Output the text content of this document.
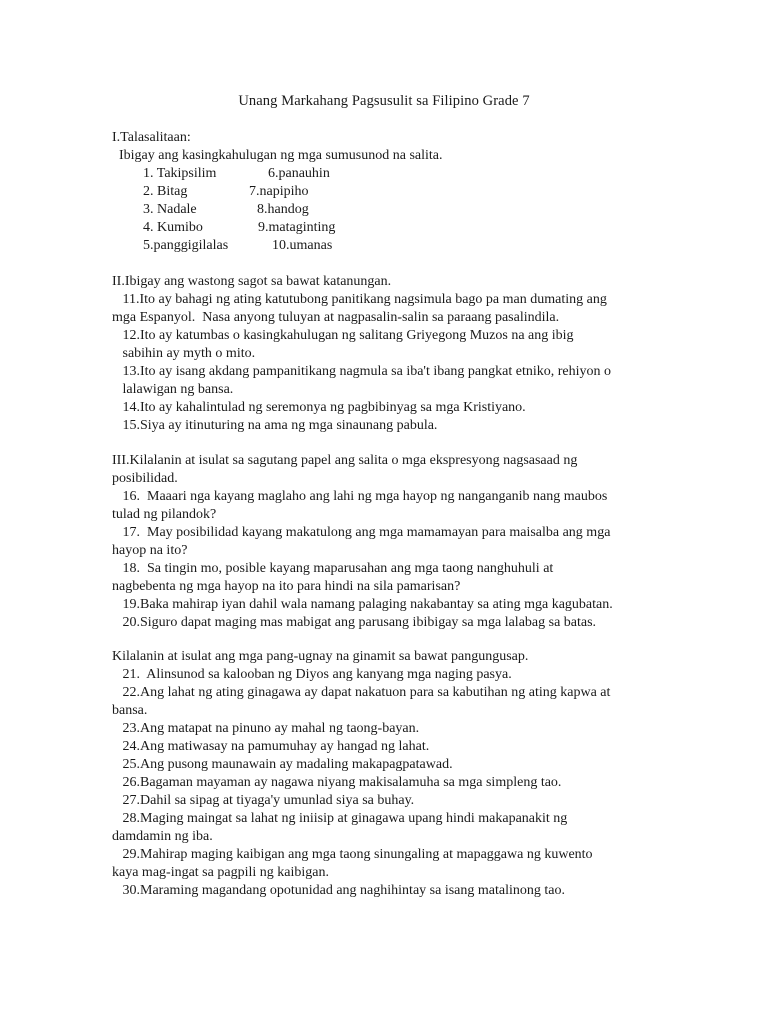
Unang Markahang Pagsusulit sa Filipino Grade 7
I.Talasalitaan:
Ibigay ang kasingkahulugan ng mga sumusunod na salita.
1. Takipsilim	6.panauhin
2. Bitag	7.napipiho
3. Nadale	8.handog
4. Kumibo	9.mataginting
5.panggigilalas	10.umanas
II.Ibigay ang wastong sagot sa bawat katanungan.
11.Ito ay bahagi ng ating katutubong panitikang nagsimula bago pa man dumating ang
mga Espanyol.  Nasa anyong tuluyan at nagpasalin-salin sa paraang pasalindila.
12.Ito ay katumbas o kasingkahulugan ng salitang Griyegong Muzos na ang ibig
sabihin ay myth o mito.
13.Ito ay isang akdang pampanitikang nagmula sa iba't ibang pangkat etniko, rehiyon o
lalawigan ng bansa.
14.Ito ay kahalintulad ng seremonya ng pagbibinyag sa mga Kristiyano.
15.Siya ay itinuturing na ama ng mga sinaunang pabula.
III.Kilalanin at isulat sa sagutang papel ang salita o mga ekspresyong nagsasaad ng
posibilidad.
16.  Maaari nga kayang maglaho ang lahi ng mga hayop ng nanganganib nang maubos
tulad ng pilandok?
17.  May posibilidad kayang makatulong ang mga mamamayan para maisalba ang mga
hayop na ito?
18.  Sa tingin mo, posible kayang maparusahan ang mga taong nanghuhuli at
nagbebenta ng mga hayop na ito para hindi na sila pamarisan?
19.Baka mahirap iyan dahil wala namang palaging nakabantay sa ating mga kagubatan.
20.Siguro dapat maging mas mabigat ang parusang ibibigay sa mga lalabag sa batas.
Kilalanin at isulat ang mga pang-ugnay na ginamit sa bawat pangungusap.
21.  Alinsunod sa kalooban ng Diyos ang kanyang mga naging pasya.
22.Ang lahat ng ating ginagawa ay dapat nakatuon para sa kabutihan ng ating kapwa at
bansa.
23.Ang matapat na pinuno ay mahal ng taong-bayan.
24.Ang matiwasay na pamumuhay ay hangad ng lahat.
25.Ang pusong maunawain ay madaling makapagpatawad.
26.Bagaman mayaman ay nagawa niyang makisalamuha sa mga simpleng tao.
27.Dahil sa sipag at tiyaga'y umunlad siya sa buhay.
28.Maging maingat sa lahat ng iniisip at ginagawa upang hindi makapanakit ng
damdamin ng iba.
29.Mahirap maging kaibigan ang mga taong sinungaling at mapaggawa ng kuwento
kaya mag-ingat sa pagpili ng kaibigan.
30.Maraming magandang opotunidad ang naghihintay sa isang matalinong tao.
